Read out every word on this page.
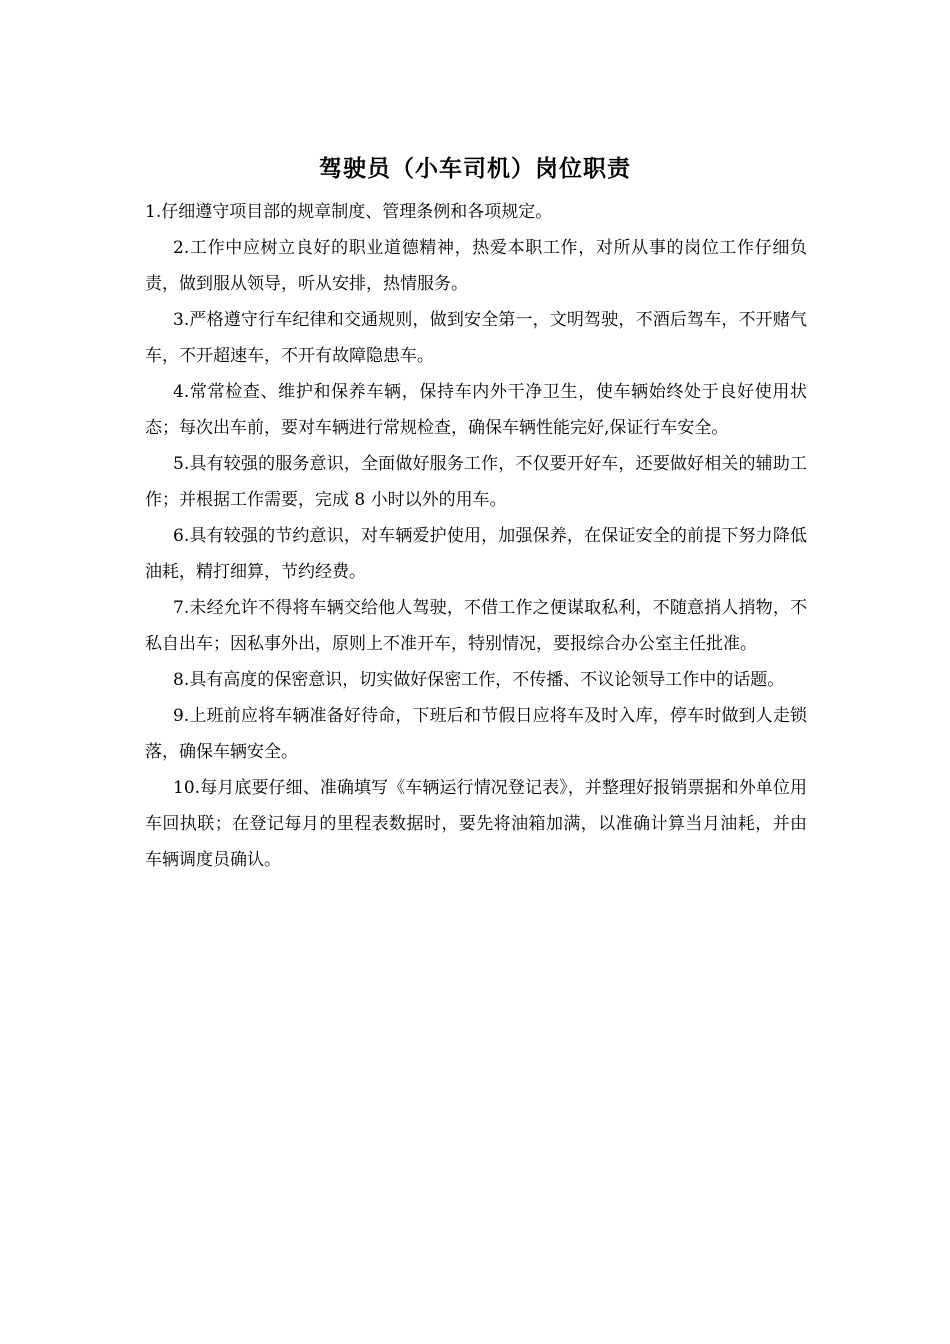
驾驶员（小车司机）岗位职责

1.仔细遵守项目部的规章制度、管理条例和各项规定。

2.工作中应树立良好的职业道德精神，热爱本职工作，对所从事的岗位工作仔细负责，做到服从领导，听从安排，热情服务。

3.严格遵守行车纪律和交通规则，做到安全第一，文明驾驶，不酒后驾车，不开赌气车，不开超速车，不开有故障隐患车。

4.常常检查、维护和保养车辆，保持车内外干净卫生，使车辆始终处于良好使用状态；每次出车前，要对车辆进行常规检查，确保车辆性能完好,保证行车安全。

5.具有较强的服务意识，全面做好服务工作，不仅要开好车，还要做好相关的辅助工作；并根据工作需要，完成 8 小时以外的用车。

6.具有较强的节约意识，对车辆爱护使用，加强保养，在保证安全的前提下努力降低油耗，精打细算，节约经费。

7.未经允许不得将车辆交给他人驾驶，不借工作之便谋取私利，不随意捎人捎物，不私自出车；因私事外出，原则上不准开车，特别情况，要报综合办公室主任批准。

8.具有高度的保密意识，切实做好保密工作，不传播、不议论领导工作中的话题。

9.上班前应将车辆准备好待命，下班后和节假日应将车及时入库，停车时做到人走锁落，确保车辆安全。

10.每月底要仔细、准确填写《车辆运行情况登记表》，并整理好报销票据和外单位用车回执联；在登记每月的里程表数据时，要先将油箱加满，以准确计算当月油耗，并由车辆调度员确认。
